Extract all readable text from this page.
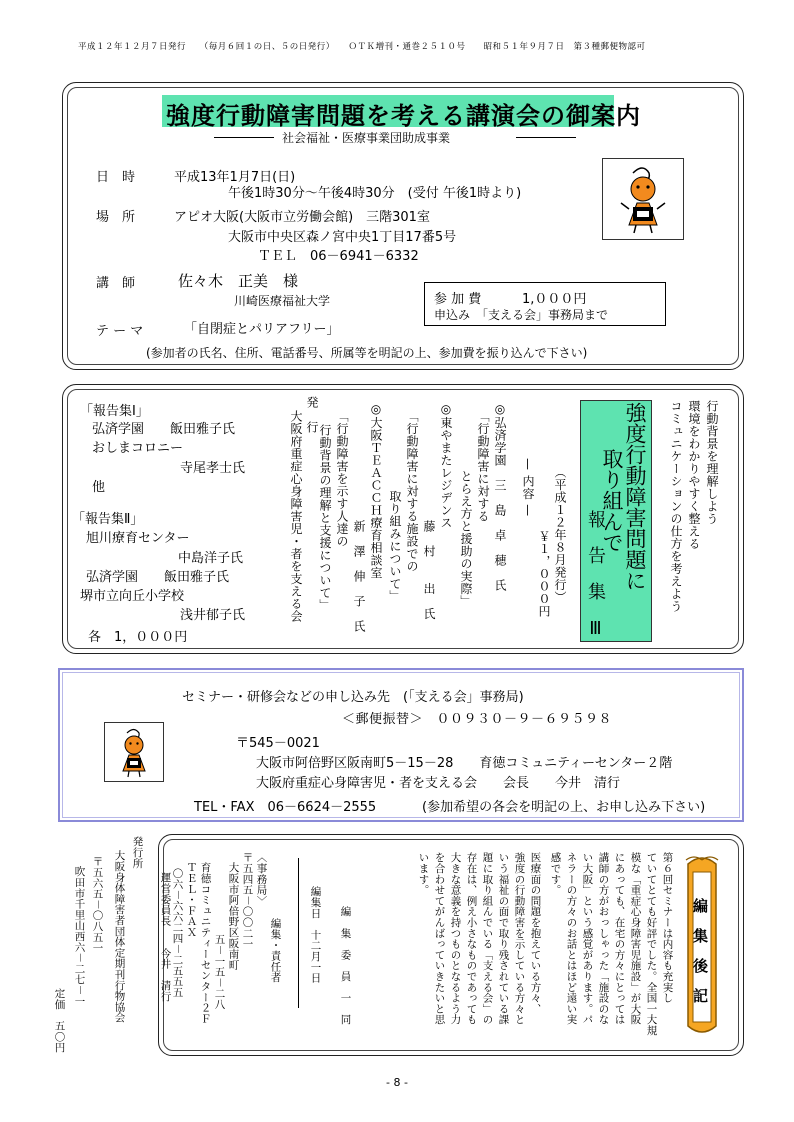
平成１２年１２月７日発行　　（毎月６回１の日、５の日発行）　　ＯＴＫ増刊・通巻２５１０号　　昭和５１年９月７日　第３種郵便物認可
強度行動障害問題を考える講演会の御案内
社会福祉・医療事業団助成事業
日　時	平成13年1月7日(日)
午後1時30分～午後4時30分　(受付 午後1時より)
場　所	アピオ大阪(大阪市立労働会館)　三階301室
大阪市中央区森ノ宮中央1丁目17番5号
ＴＥＬ　06－6941－6332
講　師	佐々木　正美　様
川崎医療福祉大学
テ ー マ	「自閉症とパリアフリー」
参 加 費	1,０００円
申込み　「支える会」事務局まで
(参加者の氏名、住所、電話番号、所属等を明記の上、参加費を振り込んで下さい)
行動背景を理解しよう
環境をわかりやすく整える
コミュニケーションの仕方を考えよう
強度行動障害問題に
取り組んで
報　告　集　Ⅲ
（平成１２年８月発行）
￥１，０００円
— 内容 —
◎弘済学園　三　島　卓　穂　氏
「行動障害に対する
とらえ方と援助の実際」
◎東やまたレジデンス
藤　村　　出　氏
「行動障害に対する施設での
取り組みについて」
◎大阪ＴＥＡＣＣＨ療育相談室
新　澤　伸　子　氏
「行動障害を示す人達の
行動背景の理解と支援について」
発　行
大阪府重症心身障害児・者を支える会
「報告集Ⅰ」
弘済学園　　飯田雅子氏
おしまコロニー
寺尾孝士氏
他
「報告集Ⅱ」
旭川療育センター
中島洋子氏
弘済学園　　飯田雅子氏
堺市立向丘小学校
浅井郁子氏
各　1，０００円
セミナー・研修会などの申し込み先　(「支える会」事務局)
＜郵便振替＞　００９３０－９－６９５９８
〒545－0021
大阪市阿倍野区阪南町5－15－28　　育徳コミュニティーセンター２階
大阪府重症心身障害児・者を支える会　　会長　　今井　清行
TEL・FAX　06－6624－2555	(参加希望の各会を明記の上、お申し込み下さい)
編　集　後　記
第６回セミナーは内容も充実し
ていてとても好評でした。全国一大規
模な「重症心身障害児施設」が大阪
にあっても、在宅の方々にとっては
講師の方がおっしゃった「施設のな
い大阪」という感覚があります。パ
ネラーの方々のお話とはほど遠い実
感です。
医療面の問題を抱えている方々、
強度の行動障害を示している方々と
いう福祉の面で取り残されている課
題に取り組んでいる「支える会」の
存在は、例え小さなものであっても
大きな意義を持つものとなるよう力
を合わせてがんばっていきたいと思
います。
編　集　委　員　一　同
編集日　十二月一日
編集・責任者
〈事務局〉
〒五四五－〇〇二一
大阪市阿倍野区阪南町
五－一五－二八
育徳コミュニティーセンター２Ｆ
ＴＥＬ・ＦＡＸ
〇六－六六二四－二五五五
運営委員長　　今井　清行
発行所
大阪身体障害者団体定期刊行物協会
〒五六五－〇八五一
吹田市千里山西六－二七－一
定価　五〇円
- 8 -
